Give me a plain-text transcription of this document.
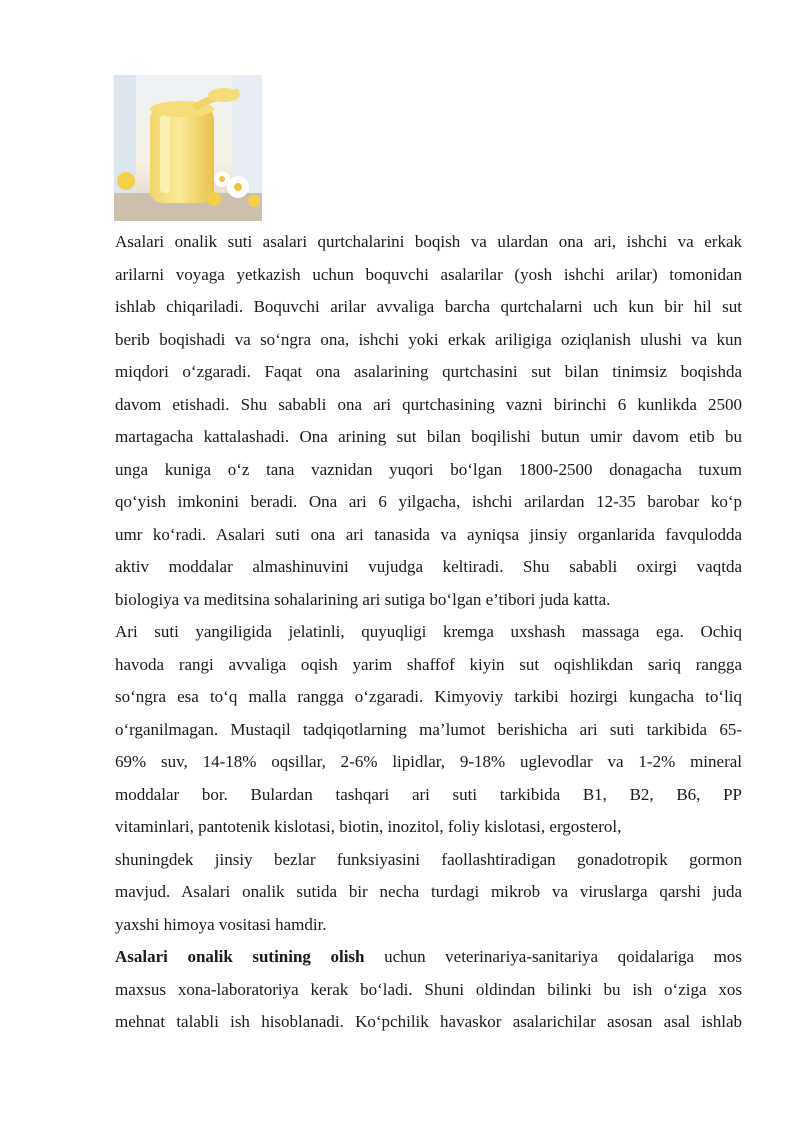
Asalari onalik suti asalari qurtchalarini boqish va ulardan ona ari, ishchi va erkak
arilarni voyaga yetkazish uchun boquvchi asalarilar (yosh ishchi arilar) tomonidan
ishlab chiqariladi. Boquvchi arilar avvaliga barcha qurtchalarni uch kun bir hil sut
berib boqishadi va so‘ngra ona, ishchi yoki erkak ariligiga oziqlanish ulushi va kun
miqdori o‘zgaradi. Faqat ona asalarining qurtchasini sut bilan tinimsiz boqishda
davom etishadi. Shu sababli ona ari qurtchasining vazni birinchi 6 kunlikda 2500
martagacha kattalashadi. Ona arining sut bilan boqilishi butun umir davom etib bu
unga kuniga o‘z tana vaznidan yuqori bo‘lgan 1800-2500 donagacha tuxum
qo‘yish imkonini beradi. Ona ari 6 yilgacha, ishchi arilardan 12-35 barobar ko‘p
umr ko‘radi. Asalari suti ona ari tanasida va ayniqsa jinsiy organlarida favqulodda
aktiv moddalar almashinuvini vujudga keltiradi. Shu sababli oxirgi vaqtda
biologiya va meditsina sohalarining ari sutiga bo‘lgan e’tibori juda katta.

Ari suti yangiligida jelatinli, quyuqligi kremga uxshash massaga ega. Ochiq
havoda rangi avvaliga oqish yarim shaffof kiyin sut oqishlikdan sariq rangga
so‘ngra esa to‘q malla rangga o‘zgaradi. Kimyoviy tarkibi hozirgi kungacha to‘liq
o‘rganilmagan. Mustaqil tadqiqotlarning ma’lumot berishicha ari suti tarkibida 65-
69% suv, 14-18% oqsillar, 2-6% lipidlar, 9-18% uglevodlar va 1-2% mineral
moddalar bor. Bulardan tashqari ari suti tarkibida B1, B2, B6, PP
vitaminlari, pantotenik kislotasi, biotin, inozitol, foliy kislotasi, ergosterol,
shuningdek jinsiy bezlar funksiyasini faollashtiradigan gonadotropik gormon
mavjud. Asalari onalik sutida bir necha turdagi mikrob va viruslarga qarshi juda
yaxshi himoya vositasi hamdir.

Asalari onalik sutining olish uchun veterinariya-sanitariya qoidalariga mos
maxsus xona-laboratoriya kerak bo‘ladi. Shuni oldindan bilinki bu ish o‘ziga xos
mehnat talabli ish hisoblanadi. Ko‘pchilik havaskor asalarichilar asosan asal ishlab
